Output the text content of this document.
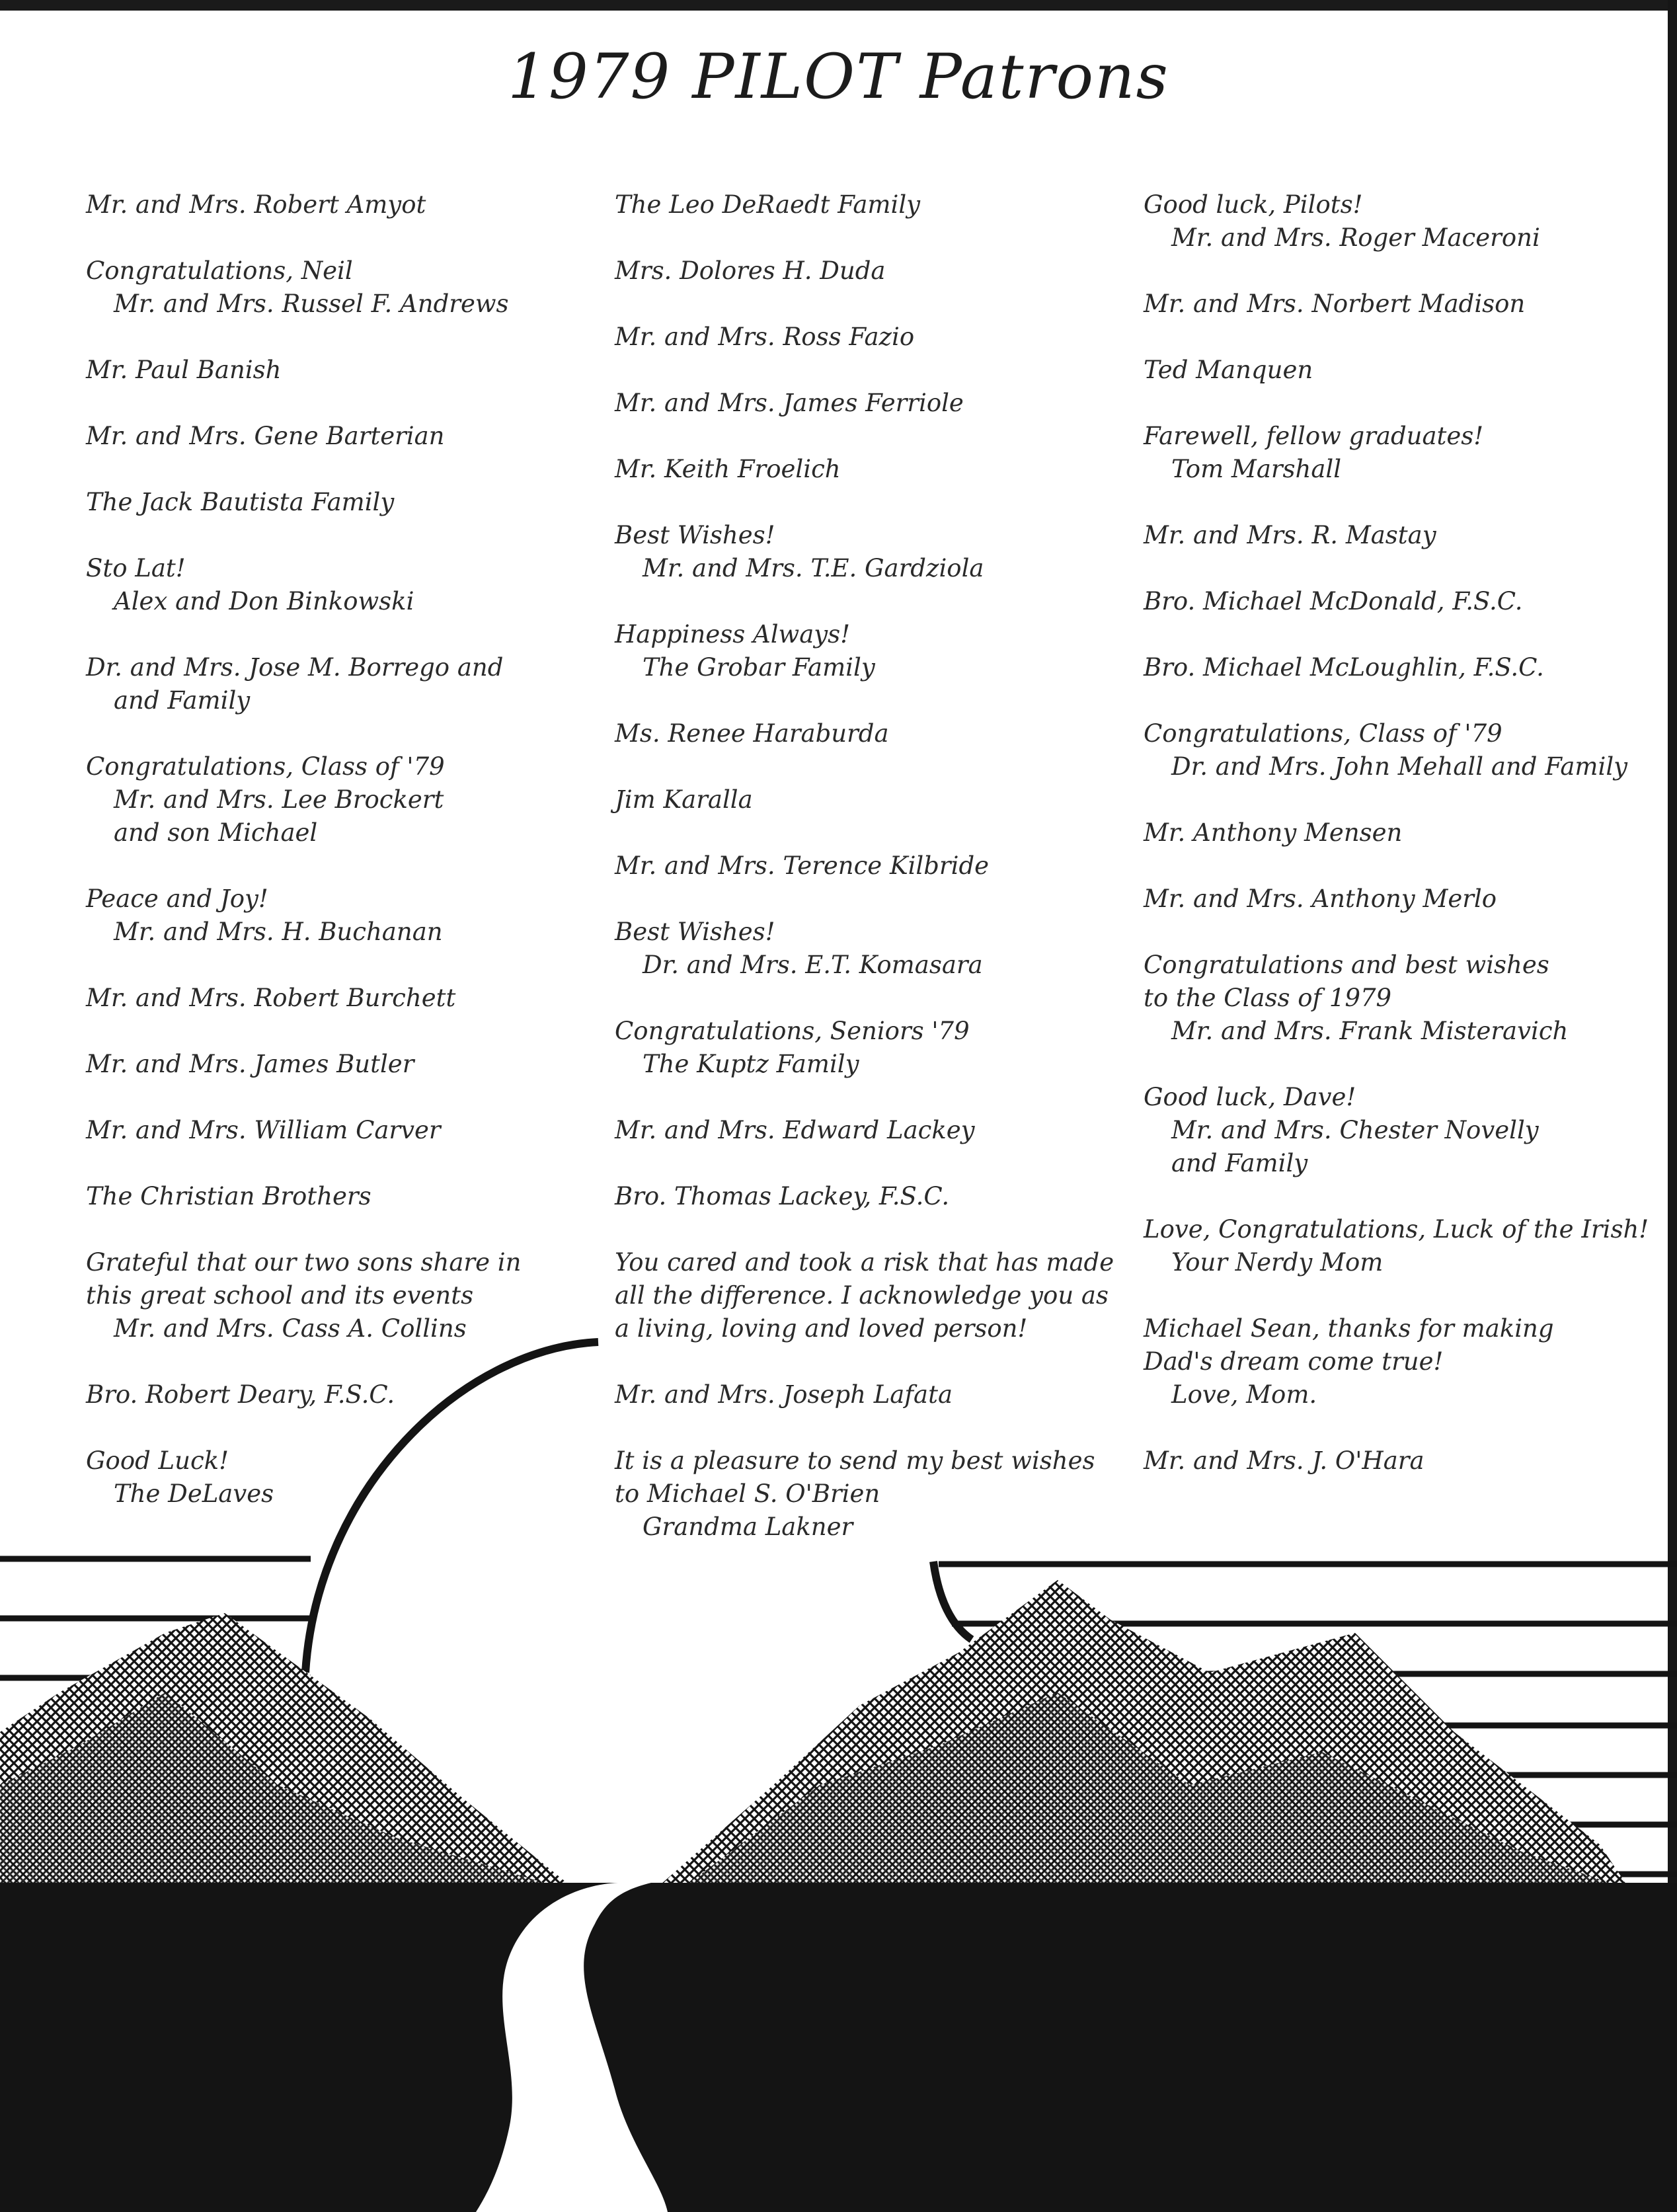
1979 PILOT Patrons
Mr. and Mrs. Robert Amyot
Congratulations, Neil
Mr. and Mrs. Russel F. Andrews
Mr. Paul Banish
Mr. and Mrs. Gene Barterian
The Jack Bautista Family
Sto Lat!
Alex and Don Binkowski
Dr. and Mrs. Jose M. Borrego and
and Family
Congratulations, Class of '79
Mr. and Mrs. Lee Brockert
and son Michael
Peace and Joy!
Mr. and Mrs. H. Buchanan
Mr. and Mrs. Robert Burchett
Mr. and Mrs. James Butler
Mr. and Mrs. William Carver
The Christian Brothers
Grateful that our two sons share in
this great school and its events
Mr. and Mrs. Cass A. Collins
Bro. Robert Deary, F.S.C.
Good Luck!
The DeLaves
The Leo DeRaedt Family
Mrs. Dolores H. Duda
Mr. and Mrs. Ross Fazio
Mr. and Mrs. James Ferriole
Mr. Keith Froelich
Best Wishes!
Mr. and Mrs. T.E. Gardziola
Happiness Always!
The Grobar Family
Ms. Renee Haraburda
Jim Karalla
Mr. and Mrs. Terence Kilbride
Best Wishes!
Dr. and Mrs. E.T. Komasara
Congratulations, Seniors '79
The Kuptz Family
Mr. and Mrs. Edward Lackey
Bro. Thomas Lackey, F.S.C.
You cared and took a risk that has made
all the difference. I acknowledge you as
a living, loving and loved person!
Mr. and Mrs. Joseph Lafata
It is a pleasure to send my best wishes
to Michael S. O'Brien
Grandma Lakner
Good luck, Pilots!
Mr. and Mrs. Roger Maceroni
Mr. and Mrs. Norbert Madison
Ted Manquen
Farewell, fellow graduates!
Tom Marshall
Mr. and Mrs. R. Mastay
Bro. Michael McDonald, F.S.C.
Bro. Michael McLoughlin, F.S.C.
Congratulations, Class of '79
Dr. and Mrs. John Mehall and Family
Mr. Anthony Mensen
Mr. and Mrs. Anthony Merlo
Congratulations and best wishes
to the Class of 1979
Mr. and Mrs. Frank Misteravich
Good luck, Dave!
Mr. and Mrs. Chester Novelly
and Family
Love, Congratulations, Luck of the Irish!
Your Nerdy Mom
Michael Sean, thanks for making
Dad's dream come true!
Love, Mom.
Mr. and Mrs. J. O'Hara
